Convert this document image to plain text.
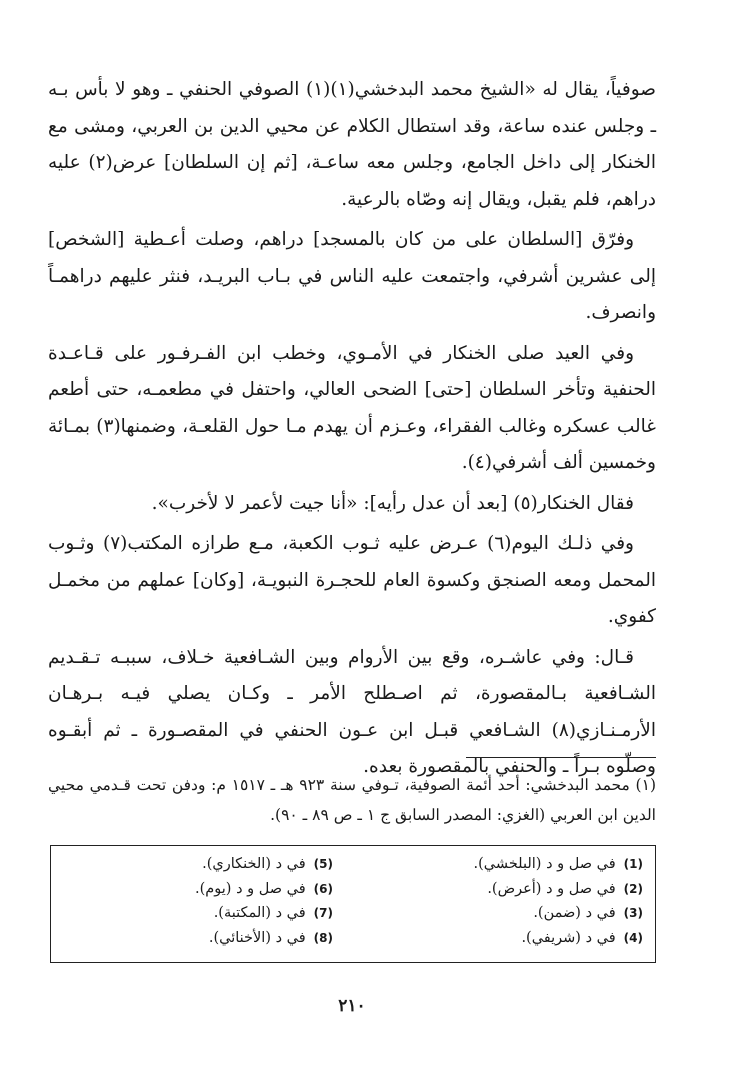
صوفياً، يقال له «الشيخ محمد البدخشي(١)(١) الصوفي الحنفي ـ وهو لا بأس بـه ـ وجلس عنده ساعة، وقد استطال الكلام عن محيي الدين بن العربي، ومشى مع الخنكار إلى داخل الجامع، وجلس معه ساعـة، [ثم إن السلطان] عرض(٢) عليه دراهم، فلم يقبل، ويقال إنه وصّاه بالرعية.

وفرّق [السلطان على من كان بالمسجد] دراهم، وصلت أعـطية [الشخص] إلى عشرين أشرفي، واجتمعت عليه الناس في بـاب البريـد، فنثر عليهم دراهمـاً وانصرف.

وفي العيد صلى الخنكار في الأمـوي، وخطب ابن الفـرفـور على قـاعـدة الحنفية وتأخر السلطان [حتى] الضحى العالي، واحتفل في مطعمـه، حتى أطعم غالب عسكره وغالب الفقراء، وعـزم أن يهدم مـا حول القلعـة، وضمنها(٣) بمـائة وخمسين ألف أشرفي(٤).

فقال الخنكار(٥) [بعد أن عدل رأيه]: «أنا جيت لأعمر لا لأخرب».

وفي ذلـك اليوم(٦) عـرض عليه ثـوب الكعبة، مـع طرازه المكتب(٧) وثـوب المحمل ومعه الصنجق وكسوة العام للحجـرة النبويـة، [وكان] عملهم من مخمـل كفوي.

قـال: وفي عاشـره، وقع بين الأروام وبين الشـافعية خـلاف، سببـه تـقـديم الشـافعية بـالمقصورة، ثم اصـطلح الأمر ـ وكـان يصلي فيـه بـرهـان الأرمـنـازي(٨) الشـافعي قبـل ابن عـون الحنفي في المقصـورة ـ ثم أبقـوه وصلّوه بـراً ـ والحنفي بالمقصورة بعده.

(١) محمد البدخشي: أحد أئمة الصوفية، تـوفي سنة ٩٢٣ هـ ـ ١٥١٧ م: ودفن تحت قـدمي محيي الدين ابن العربي (الغزي: المصدر السابق ج ١ ـ ص ٨٩ ـ ٩٠).
(1)في صل و د (البلخشي).
(5)في د (الخنكاري).
(2)في صل و د (أعرض).
(6)في صل و د (يوم).
(3)في د (ضمن).
(7)في د (المكتبة).
(4)في د (شريفي).
(8)في د (الأخنائي).
٢١٠
